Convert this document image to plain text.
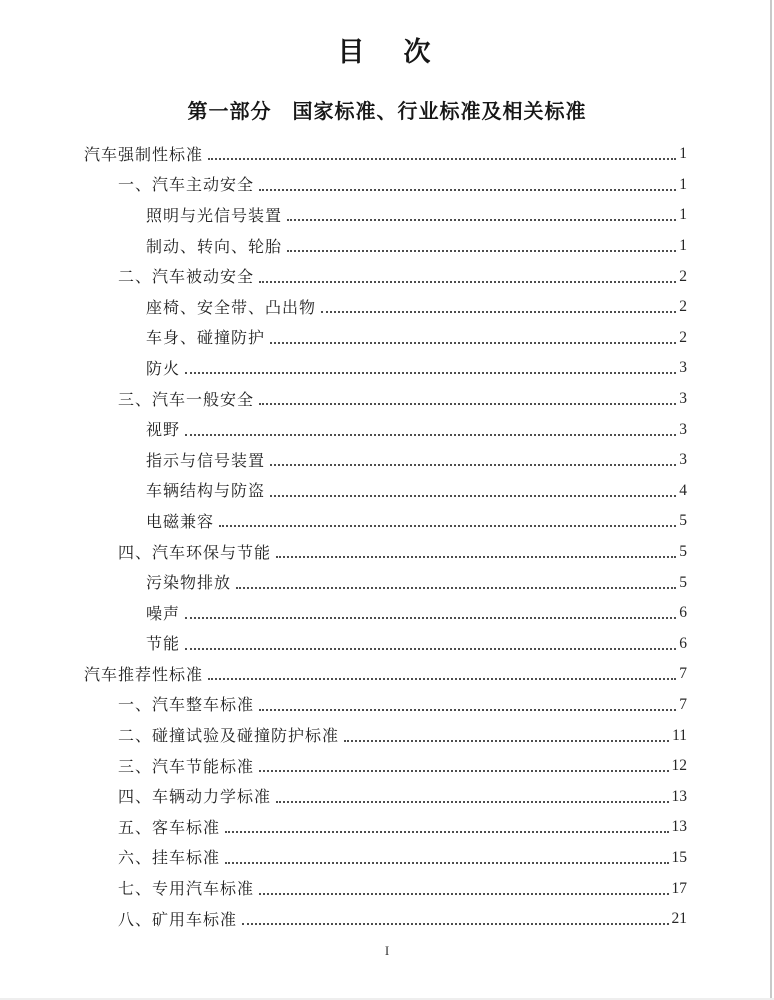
目　次
第一部分　国家标准、行业标准及相关标准
汽车强制性标准	1
一、汽车主动安全	1
照明与光信号装置	1
制动、转向、轮胎	1
二、汽车被动安全	2
座椅、安全带、凸出物	2
车身、碰撞防护	2
防火	3
三、汽车一般安全	3
视野	3
指示与信号装置	3
车辆结构与防盗	4
电磁兼容	5
四、汽车环保与节能	5
污染物排放	5
噪声	6
节能	6
汽车推荐性标准	7
一、汽车整车标准	7
二、碰撞试验及碰撞防护标准	11
三、汽车节能标准	12
四、车辆动力学标准	13
五、客车标准	13
六、挂车标准	15
七、专用汽车标准	17
八、矿用车标准	21
I
